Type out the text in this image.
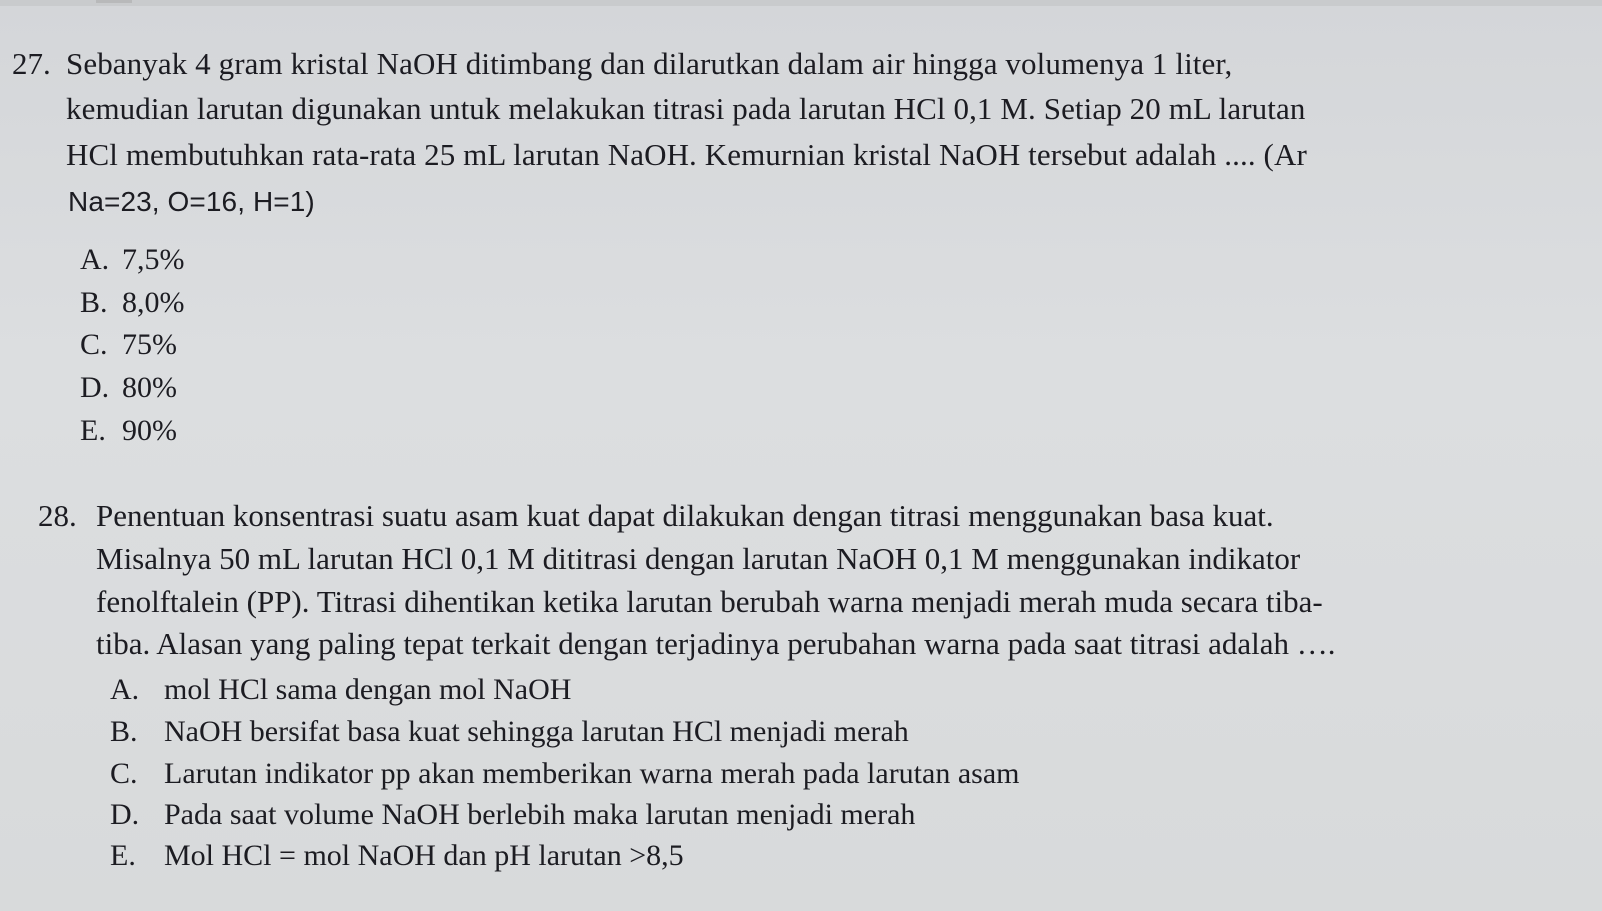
27. Sebanyak 4 gram kristal NaOH ditimbang dan dilarutkan dalam air hingga volumenya 1 liter,
kemudian larutan digunakan untuk melakukan titrasi pada larutan HCl 0,1 M. Setiap 20 mL larutan
HCl membutuhkan rata-rata 25 mL larutan NaOH. Kemurnian kristal NaOH tersebut adalah .... (Ar
Na=23, O=16, H=1)
A. 7,5%
B. 8,0%
C. 75%
D. 80%
E. 90%
28. Penentuan konsentrasi suatu asam kuat dapat dilakukan dengan titrasi menggunakan basa kuat.
Misalnya 50 mL larutan HCl 0,1 M dititrasi dengan larutan NaOH 0,1 M menggunakan indikator
fenolftalein (PP). Titrasi dihentikan ketika larutan berubah warna menjadi merah muda secara tiba-
tiba. Alasan yang paling tepat terkait dengan terjadinya perubahan warna pada saat titrasi adalah ….
A. mol HCl sama dengan mol NaOH
B. NaOH bersifat basa kuat sehingga larutan HCl menjadi merah
C. Larutan indikator pp akan memberikan warna merah pada larutan asam
D. Pada saat volume NaOH berlebih maka larutan menjadi merah
E. Mol HCl = mol NaOH dan pH larutan >8,5
